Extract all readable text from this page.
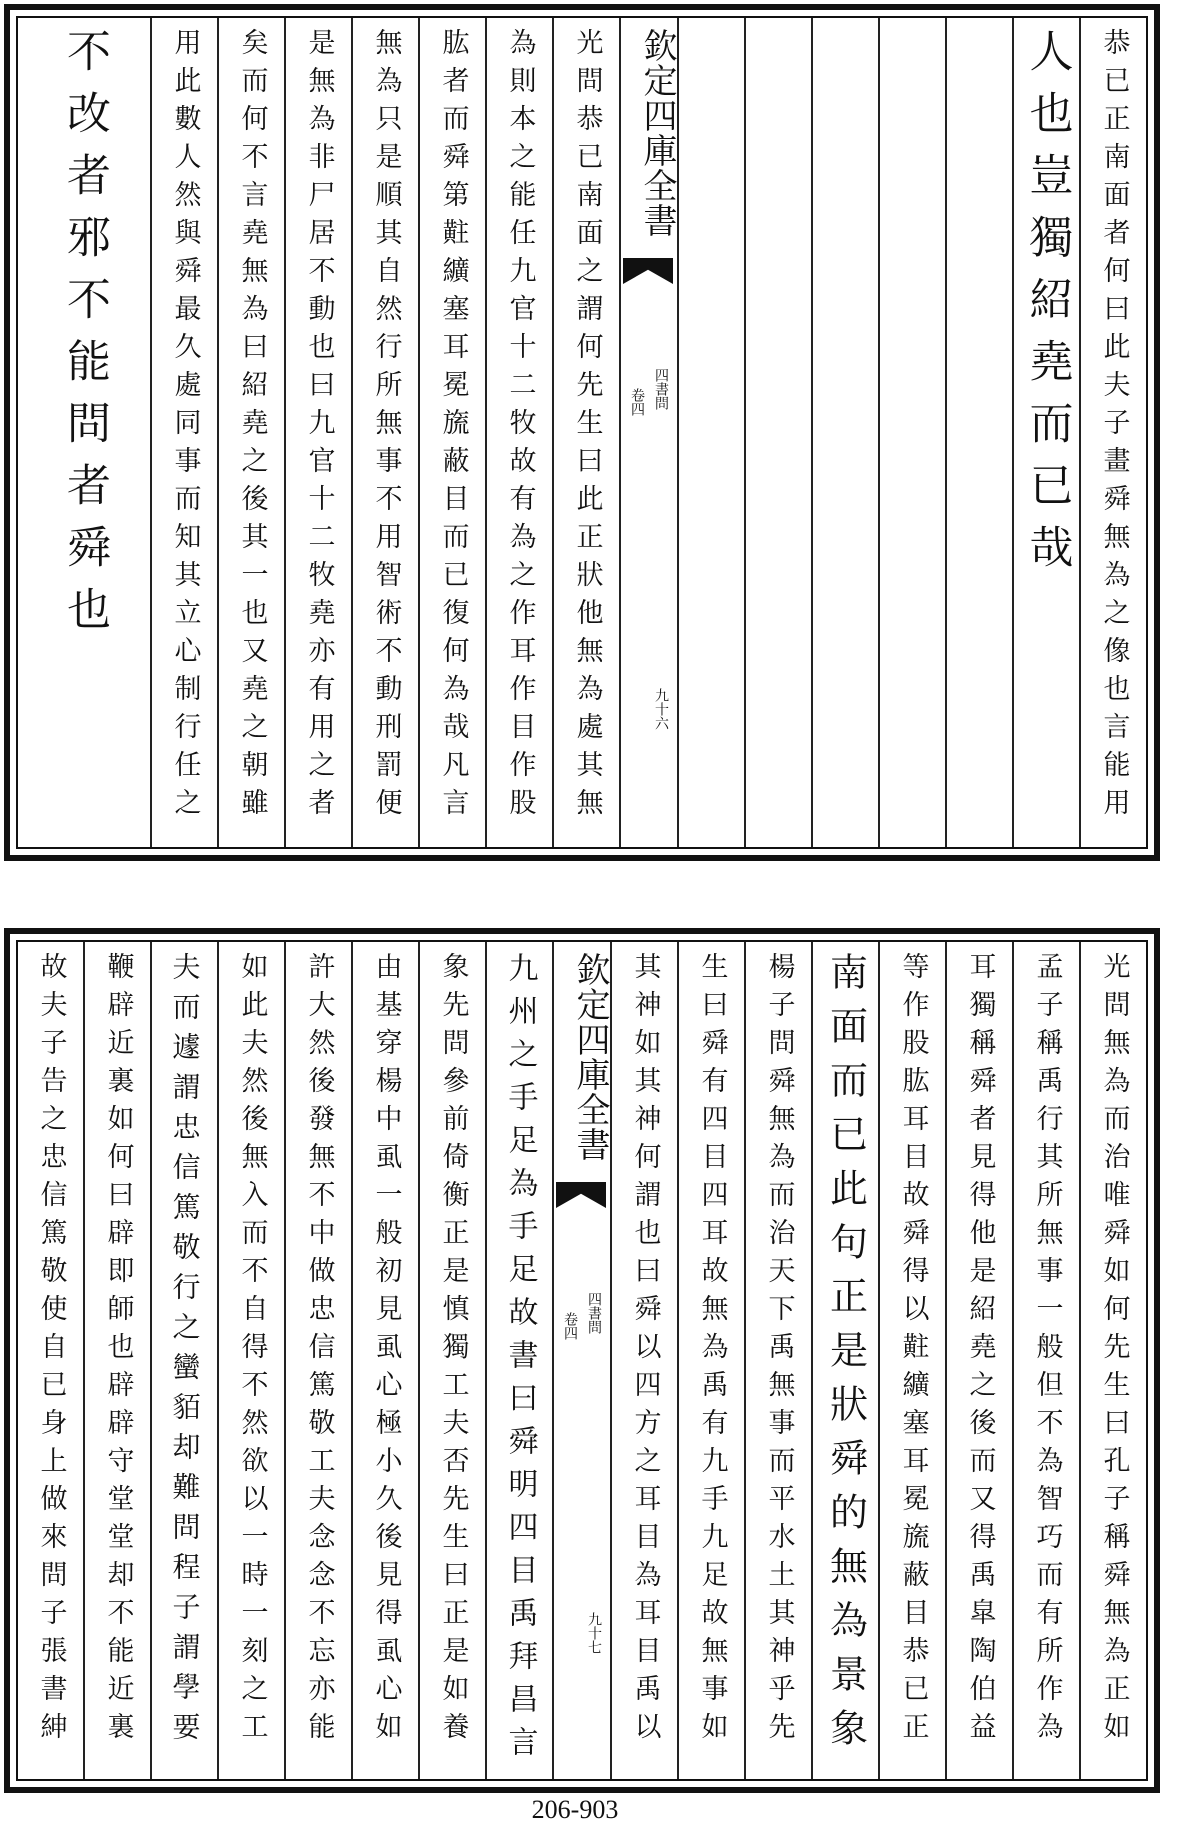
恭已正南面者何曰此夫子畫舜無為之像也言能用
人也豈獨紹堯而已哉
欽定四庫全書
四書問
卷四
九十六
光問恭已南面之謂何先生曰此正狀他無為處其無
為則本之能任九官十二牧故有為之作耳作目作股
肱者而舜第黈纊塞耳冕旒蔽目而已復何為哉凡言
無為只是順其自然行所無事不用智術不動刑罰便
是無為非尸居不動也曰九官十二牧堯亦有用之者
矣而何不言堯無為曰紹堯之後其一也又堯之朝雖
用此數人然與舜最久處同事而知其立心制行任之
不改者邪不能問者舜也
光問無為而治唯舜如何先生曰孔子稱舜無為正如
孟子稱禹行其所無事一般但不為智巧而有所作為
耳獨稱舜者見得他是紹堯之後而又得禹皐陶伯益
等作股肱耳目故舜得以黈纊塞耳冕旒蔽目恭已正
南面而已此句正是狀舜的無為景象
楊子問舜無為而治天下禹無事而平水土其神乎先
生曰舜有四目四耳故無為禹有九手九足故無事如
其神如其神何謂也曰舜以四方之耳目為耳目禹以
欽定四庫全書
四書問
卷四
九十七
九州之手足為手足故書曰舜明四目禹拜昌言
象先問參前倚衡正是慎獨工夫否先生曰正是如養
由基穿楊中虱一般初見虱心極小久後見得虱心如
許大然後發無不中做忠信篤敬工夫念念不忘亦能
如此夫然後無入而不自得不然欲以一時一刻之工
夫而遽謂忠信篤敬行之蠻貊却難問程子謂學要
鞭辟近裏如何曰辟即師也辟辟守堂堂却不能近裏
故夫子告之忠信篤敬使自已身上做來問子張書紳
206-903
